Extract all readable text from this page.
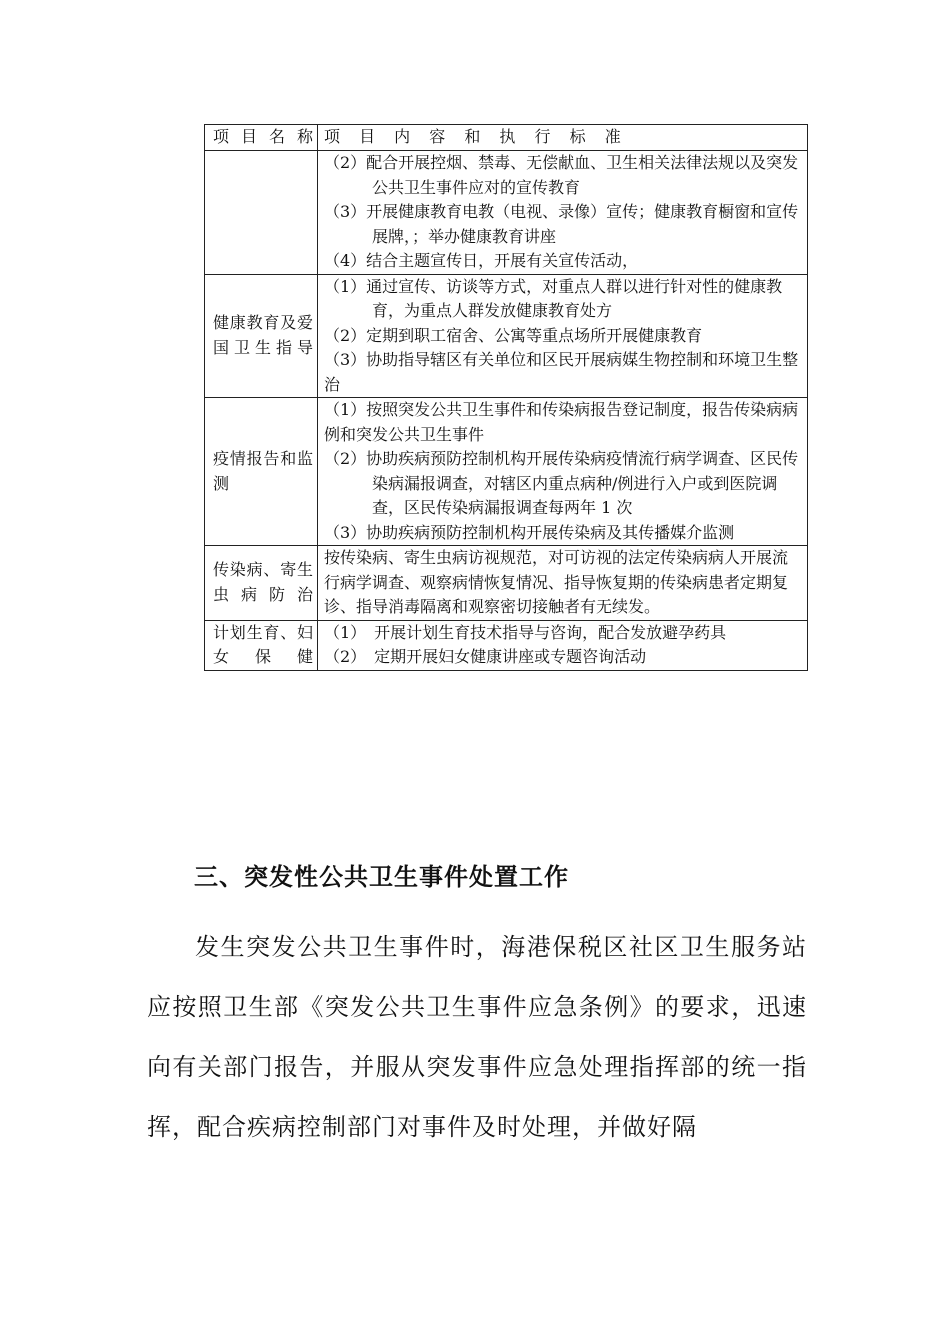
项目名称	项 目 内 容 和 执 行 标 准

	（2）配合开展控烟、禁毒、无偿献血、卫生相关法律法规以及突发公共卫生事件应对的宣传教育

（3）开展健康教育电教（电视、录像）宣传；健康教育橱窗和宣传展牌，；举办健康教育讲座

（4）结合主题宣传日，开展有关宣传活动，

健康教育及爱国卫生指导	（1）通过宣传、访谈等方式，对重点人群以进行针对性的健康教育，为重点人群发放健康教育处方

（2）定期到职工宿舍、公寓等重点场所开展健康教育

（3）协助指导辖区有关单位和区民开展病媒生物控制和环境卫生整治

疫情报告和监测	（1）按照突发公共卫生事件和传染病报告登记制度，报告传染病病例和突发公共卫生事件

（2）协助疾病预防控制机构开展传染病疫情流行病学调查、区民传染病漏报调查，对辖区内重点病种/例进行入户或到医院调查，区民传染病漏报调查每两年 1 次

（3）协助疾病预防控制机构开展传染病及其传播媒介监测

传染病、寄生虫病防治	按传染病、寄生虫病访视规范，对可访视的法定传染病病人开展流行病学调查、观察病情恢复情况、指导恢复期的传染病患者定期复诊、指导消毒隔离和观察密切接触者有无续发。

计划生育、妇女保健	（1）　开展计划生育技术指导与咨询，配合发放避孕药具

（2）　定期开展妇女健康讲座或专题咨询活动

三、突发性公共卫生事件处置工作

发生突发公共卫生事件时，海港保税区社区卫生服务站应按照卫生部《突发公共卫生事件应急条例》的要求，迅速向有关部门报告，并服从突发事件应急处理指挥部的统一指挥，配合疾病控制部门对事件及时处理，并做好隔
